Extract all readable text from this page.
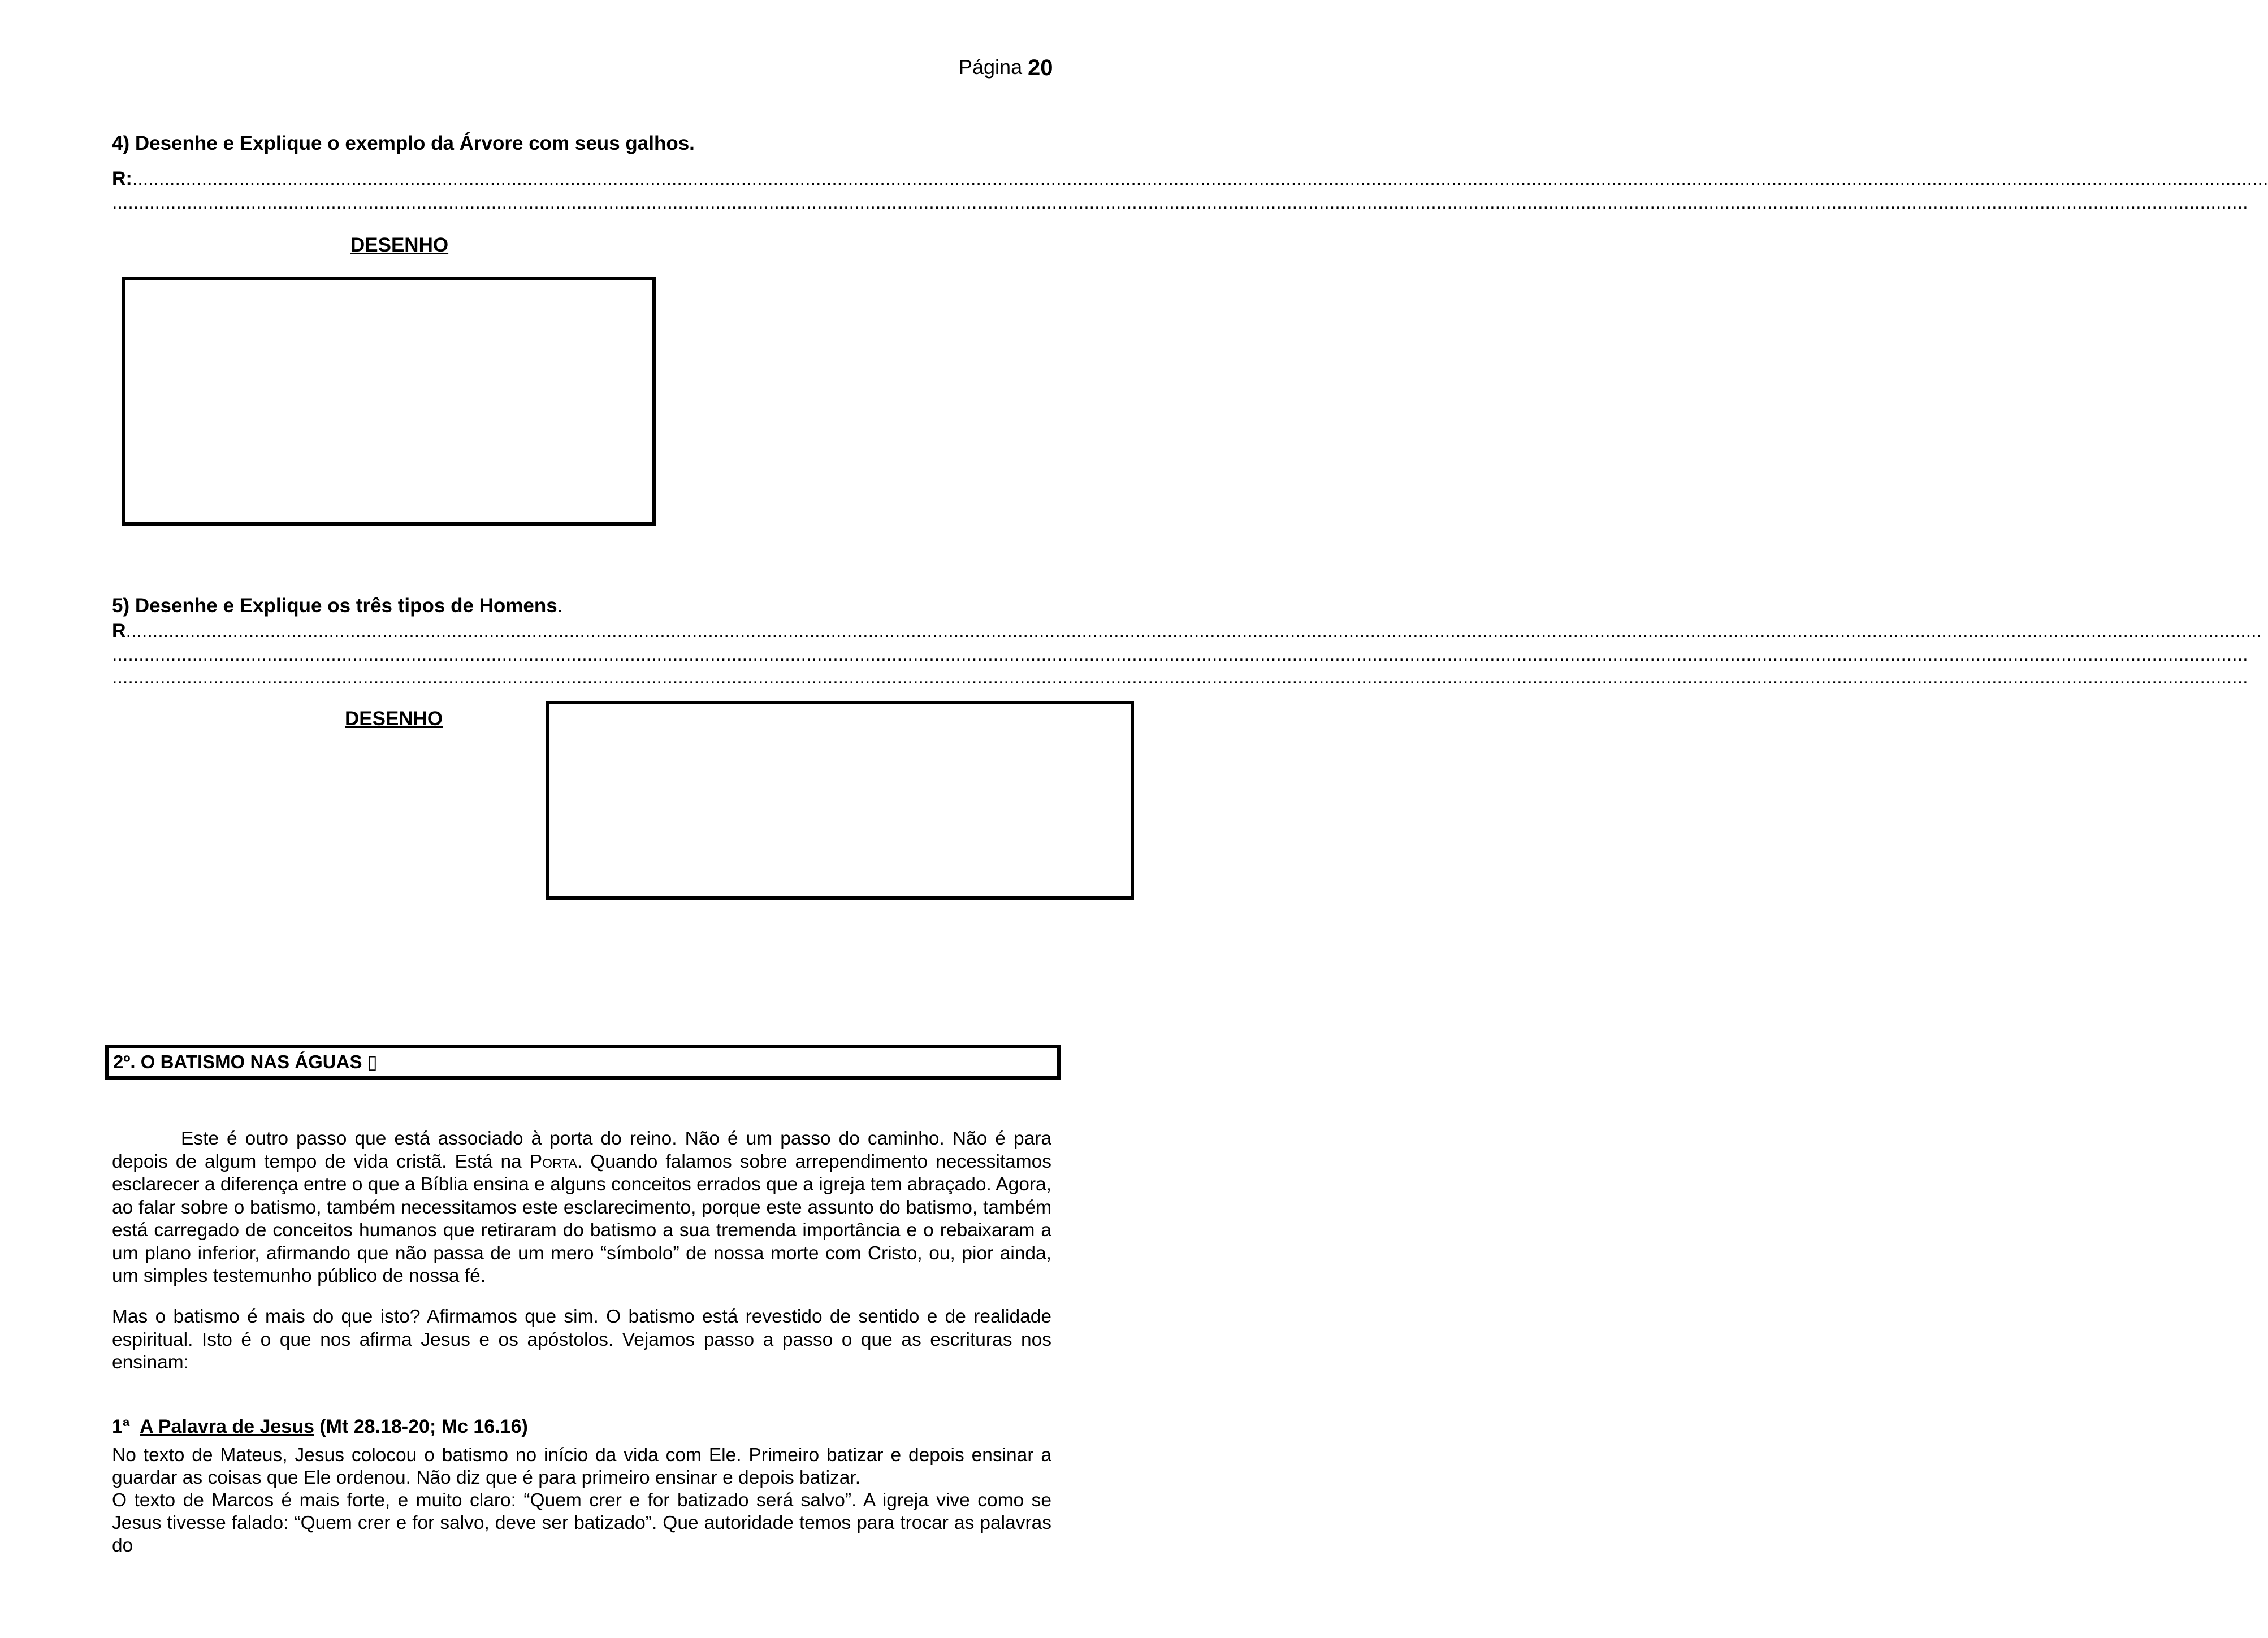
Página 20
4) Desenhe e Explique o exemplo da Árvore com seus galhos.
R:................................................................................................................................................................................................................................................................................................................................................................................................................
................................................................................................................................................................................................................................................................................................................................................................................................................
DESENHO
5) Desenhe e Explique os três tipos de Homens.
R................................................................................................................................................................................................................................................................................................................................................................................................................
................................................................................................................................................................................................................................................................................................................................................................................................................
................................................................................................................................................................................................................................................................................................................................................................................................................
DESENHO
2º. O BATISMO NAS ÁGUAS ▯
Este é outro passo que está associado à porta do reino. Não é um passo do caminho. Não é para depois de algum tempo de vida cristã. Está na Porta. Quando falamos sobre arrependimento necessitamos esclarecer a diferença entre o que a Bíblia ensina e alguns conceitos errados que a igreja tem abraçado. Agora, ao falar sobre o batismo, também necessitamos este esclarecimento, porque este assunto do batismo, também está carregado de conceitos humanos que retiraram do batismo a sua tremenda importância e o rebaixaram a um plano inferior, afirmando que não passa de um mero “símbolo” de nossa morte com Cristo, ou, pior ainda, um simples testemunho público de nossa fé.
Mas o batismo é mais do que isto? Afirmamos que sim. O batismo está revestido de sentido e de realidade espiritual. Isto é o que nos afirma Jesus e os apóstolos. Vejamos passo a passo o que as escrituras nos ensinam:
1ª A Palavra de Jesus (Mt 28.18-20; Mc 16.16)
No texto de Mateus, Jesus colocou o batismo no início da vida com Ele. Primeiro batizar e depois ensinar a guardar as coisas que Ele ordenou. Não diz que é para primeiro ensinar e depois batizar.
O texto de Marcos é mais forte, e muito claro: “Quem crer e for batizado será salvo”. A igreja vive como se Jesus tivesse falado: “Quem crer e for salvo, deve ser batizado”. Que autoridade temos para trocar as palavras do
